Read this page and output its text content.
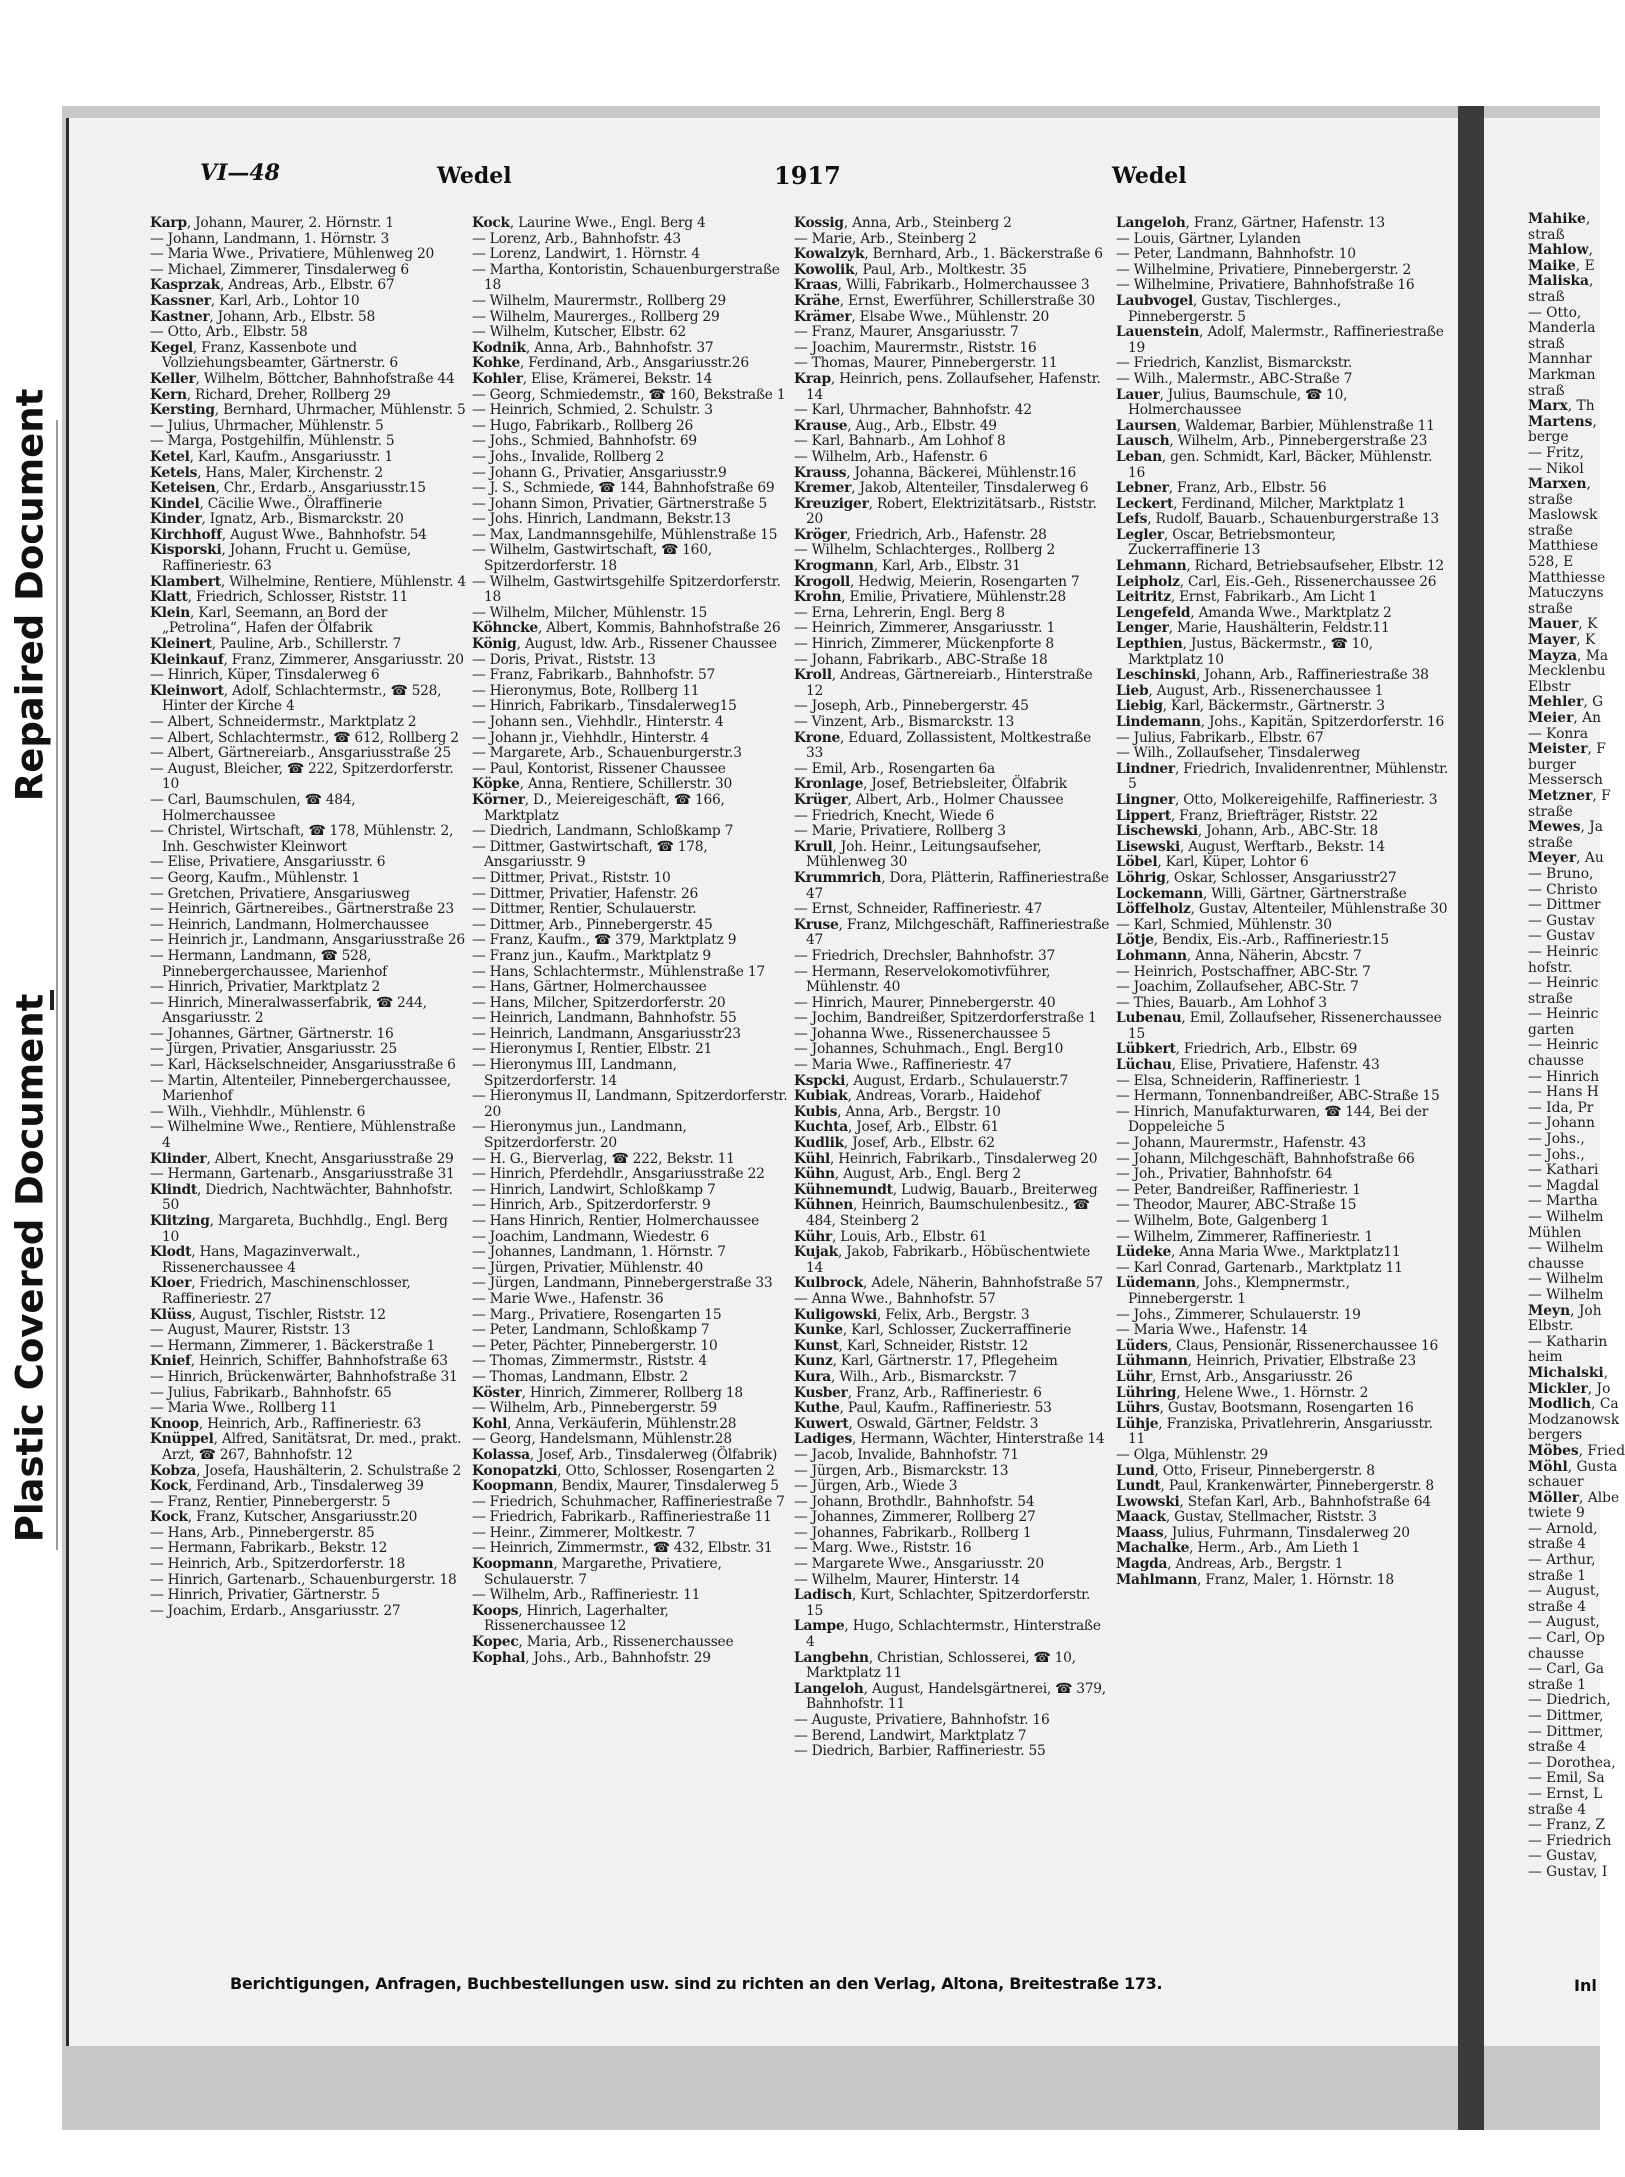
Repaired Document
Plastic Covered Document
VI—48	Wedel	1917	Wedel
Karp, Johann, Maurer, 2. Hörnstr. 1
— Johann, Landmann, 1. Hörnstr. 3
— Maria Wwe., Privatiere, Mühlenweg 20
— Michael, Zimmerer, Tinsdalerweg 6
Kasprzak, Andreas, Arb., Elbstr. 67
Kassner, Karl, Arb., Lohtor 10
Kastner, Johann, Arb., Elbstr. 58
— Otto, Arb., Elbstr. 58
Kegel, Franz, Kassenbote und Vollziehungsbeamter, Gärtnerstr. 6
Keller, Wilhelm, Böttcher, Bahnhofstraße 44
Kern, Richard, Dreher, Rollberg 29
Kersting, Bernhard, Uhrmacher, Mühlenstr. 5
— Julius, Uhrmacher, Mühlenstr. 5
— Marga, Postgehilfin, Mühlenstr. 5
Ketel, Karl, Kaufm., Ansgariusstr. 1
Ketels, Hans, Maler, Kirchenstr. 2
Keteisen, Chr., Erdarb., Ansgariusstr.15
Kindel, Cäcilie Wwe., Ölraffinerie
Kinder, Ignatz, Arb., Bismarckstr. 20
Kirchhoff, August Wwe., Bahnhofstr. 54
Kisporski, Johann, Frucht u. Gemüse, Raffineriestr. 63
Klambert, Wilhelmine, Rentiere, Mühlenstr. 4
Klatt, Friedrich, Schlosser, Riststr. 11
Klein, Karl, Seemann, an Bord der „Petrolina“, Hafen der Ölfabrik
Kleinert, Pauline, Arb., Schillerstr. 7
Kleinkauf, Franz, Zimmerer, Ansgariusstr. 20
— Hinrich, Küper, Tinsdalerweg 6
Kleinwort, Adolf, Schlachtermstr., ☎ 528, Hinter der Kirche 4
— Albert, Schneidermstr., Marktplatz 2
— Albert, Schlachtermstr., ☎ 612, Rollberg 2
— Albert, Gärtnereiarb., Ansgariusstraße 25
— August, Bleicher, ☎ 222, Spitzerdorferstr. 10
— Carl, Baumschulen, ☎ 484, Holmerchaussee
— Christel, Wirtschaft, ☎ 178, Mühlenstr. 2, Inh. Geschwister Kleinwort
— Elise, Privatiere, Ansgariusstr. 6
— Georg, Kaufm., Mühlenstr. 1
— Gretchen, Privatiere, Ansgariusweg
— Heinrich, Gärtnereibes., Gärtnerstraße 23
— Heinrich, Landmann, Holmerchaussee
— Heinrich jr., Landmann, Ansgariusstraße 26
— Hermann, Landmann, ☎ 528, Pinnebergerchaussee, Marienhof
— Hinrich, Privatier, Marktplatz 2
— Hinrich, Mineralwasserfabrik, ☎ 244, Ansgariusstr. 2
— Johannes, Gärtner, Gärtnerstr. 16
— Jürgen, Privatier, Ansgariusstr. 25
— Karl, Häckselschneider, Ansgariusstraße 6
— Martin, Altenteiler, Pinnebergerchaussee, Marienhof
— Wilh., Viehhdlr., Mühlenstr. 6
— Wilhelmine Wwe., Rentiere, Mühlenstraße 4
Klinder, Albert, Knecht, Ansgariusstraße 29
— Hermann, Gartenarb., Ansgariusstraße 31
Klindt, Diedrich, Nachtwächter, Bahnhofstr. 50
Klitzing, Margareta, Buchhdlg., Engl. Berg 10
Klodt, Hans, Magazinverwalt., Rissenerchaussee 4
Kloer, Friedrich, Maschinenschlosser, Raffineriestr. 27
Klüss, August, Tischler, Riststr. 12
— August, Maurer, Riststr. 13
— Hermann, Zimmerer, 1. Bäckerstraße 1
Knief, Heinrich, Schiffer, Bahnhofstraße 63
— Hinrich, Brückenwärter, Bahnhofstraße 31
— Julius, Fabrikarb., Bahnhofstr. 65
— Maria Wwe., Rollberg 11
Knoop, Heinrich, Arb., Raffineriestr. 63
Knüppel, Alfred, Sanitätsrat, Dr. med., prakt. Arzt, ☎ 267, Bahnhofstr. 12
Kobza, Josefa, Haushälterin, 2. Schulstraße 2
Kock, Ferdinand, Arb., Tinsdalerweg 39
— Franz, Rentier, Pinnebergerstr. 5
Kock, Franz, Kutscher, Ansgariusstr.20
— Hans, Arb., Pinnebergerstr. 85
— Hermann, Fabrikarb., Bekstr. 12
— Heinrich, Arb., Spitzerdorferstr. 18
— Hinrich, Gartenarb., Schauenburgerstr. 18
— Hinrich, Privatier, Gärtnerstr. 5
— Joachim, Erdarb., Ansgariusstr. 27
Kock, Laurine Wwe., Engl. Berg 4
— Lorenz, Arb., Bahnhofstr. 43
— Lorenz, Landwirt, 1. Hörnstr. 4
— Martha, Kontoristin, Schauenburgerstraße 18
— Wilhelm, Maurermstr., Rollberg 29
— Wilhelm, Maurerges., Rollberg 29
— Wilhelm, Kutscher, Elbstr. 62
Kodnik, Anna, Arb., Bahnhofstr. 37
Kohke, Ferdinand, Arb., Ansgariusstr.26
Kohler, Elise, Krämerei, Bekstr. 14
— Georg, Schmiedemstr., ☎ 160, Bekstraße 1
— Heinrich, Schmied, 2. Schulstr. 3
— Hugo, Fabrikarb., Rollberg 26
— Johs., Schmied, Bahnhofstr. 69
— Johs., Invalide, Rollberg 2
— Johann G., Privatier, Ansgariusstr.9
— J. S., Schmiede, ☎ 144, Bahnhofstraße 69
— Johann Simon, Privatier, Gärtnerstraße 5
— Johs. Hinrich, Landmann, Bekstr.13
— Max, Landmannsgehilfe, Mühlenstraße 15
— Wilhelm, Gastwirtschaft, ☎ 160, Spitzerdorferstr. 18
— Wilhelm, Gastwirtsgehilfe Spitzerdorferstr. 18
— Wilhelm, Milcher, Mühlenstr. 15
Köhncke, Albert, Kommis, Bahnhofstraße 26
König, August, ldw. Arb., Rissener Chaussee
— Doris, Privat., Riststr. 13
— Franz, Fabrikarb., Bahnhofstr. 57
— Hieronymus, Bote, Rollberg 11
— Hinrich, Fabrikarb., Tinsdalerweg15
— Johann sen., Viehhdlr., Hinterstr. 4
— Johann jr., Viehhdlr., Hinterstr. 4
— Margarete, Arb., Schauenburgerstr.3
— Paul, Kontorist, Rissener Chaussee
Köpke, Anna, Rentiere, Schillerstr. 30
Körner, D., Meiereigeschäft, ☎ 166, Marktplatz
— Diedrich, Landmann, Schloßkamp 7
— Dittmer, Gastwirtschaft, ☎ 178, Ansgariusstr. 9
— Dittmer, Privat., Riststr. 10
— Dittmer, Privatier, Hafenstr. 26
— Dittmer, Rentier, Schulauerstr.
— Dittmer, Arb., Pinnebergerstr. 45
— Franz, Kaufm., ☎ 379, Marktplatz 9
— Franz jun., Kaufm., Marktplatz 9
— Hans, Schlachtermstr., Mühlenstraße 17
— Hans, Gärtner, Holmerchaussee
— Hans, Milcher, Spitzerdorferstr. 20
— Heinrich, Landmann, Bahnhofstr. 55
— Heinrich, Landmann, Ansgariusstr23
— Hieronymus I, Rentier, Elbstr. 21
— Hieronymus III, Landmann, Spitzerdorferstr. 14
— Hieronymus II, Landmann, Spitzerdorferstr. 20
— Hieronymus jun., Landmann, Spitzerdorferstr. 20
— H. G., Bierverlag, ☎ 222, Bekstr. 11
— Hinrich, Pferdehdlr., Ansgariusstraße 22
— Hinrich, Landwirt, Schloßkamp 7
— Hinrich, Arb., Spitzerdorferstr. 9
— Hans Hinrich, Rentier, Holmerchaussee
— Joachim, Landmann, Wiedestr. 6
— Johannes, Landmann, 1. Hörnstr. 7
— Jürgen, Privatier, Mühlenstr. 40
— Jürgen, Landmann, Pinnebergerstraße 33
— Marie Wwe., Hafenstr. 36
— Marg., Privatiere, Rosengarten 15
— Peter, Landmann, Schloßkamp 7
— Peter, Pächter, Pinnebergerstr. 10
— Thomas, Zimmermstr., Riststr. 4
— Thomas, Landmann, Elbstr. 2
Köster, Hinrich, Zimmerer, Rollberg 18
— Wilhelm, Arb., Pinnebergerstr. 59
Kohl, Anna, Verkäuferin, Mühlenstr.28
— Georg, Handelsmann, Mühlenstr.28
Kolassa, Josef, Arb., Tinsdalerweg (Ölfabrik)
Konopatzki, Otto, Schlosser, Rosengarten 2
Koopmann, Bendix, Maurer, Tinsdalerweg 5
— Friedrich, Schuhmacher, Raffineriestraße 7
— Friedrich, Fabrikarb., Raffineriestraße 11
— Heinr., Zimmerer, Moltkestr. 7
— Heinrich, Zimmermstr., ☎ 432, Elbstr. 31
Koopmann, Margarethe, Privatiere, Schulauerstr. 7
— Wilhelm, Arb., Raffineriestr. 11
Koops, Hinrich, Lagerhalter, Rissenerchaussee 12
Kopec, Maria, Arb., Rissenerchaussee
Kophal, Johs., Arb., Bahnhofstr. 29
Kossig, Anna, Arb., Steinberg 2
— Marie, Arb., Steinberg 2
Kowalzyk, Bernhard, Arb., 1. Bäckerstraße 6
Kowolik, Paul, Arb., Moltkestr. 35
Kraas, Willi, Fabrikarb., Holmerchaussee 3
Krähe, Ernst, Ewerführer, Schillerstraße 30
Krämer, Elsabe Wwe., Mühlenstr. 20
— Franz, Maurer, Ansgariusstr. 7
— Joachim, Maurermstr., Riststr. 16
— Thomas, Maurer, Pinnebergerstr. 11
Krap, Heinrich, pens. Zollaufseher, Hafenstr. 14
— Karl, Uhrmacher, Bahnhofstr. 42
Krause, Aug., Arb., Elbstr. 49
— Karl, Bahnarb., Am Lohhof 8
— Wilhelm, Arb., Hafenstr. 6
Krauss, Johanna, Bäckerei, Mühlenstr.16
Kremer, Jakob, Altenteiler, Tinsdalerweg 6
Kreuziger, Robert, Elektrizitätsarb., Riststr. 20
Kröger, Friedrich, Arb., Hafenstr. 28
— Wilhelm, Schlachterges., Rollberg 2
Krogmann, Karl, Arb., Elbstr. 31
Krogoll, Hedwig, Meierin, Rosengarten 7
Krohn, Emilie, Privatiere, Mühlenstr.28
— Erna, Lehrerin, Engl. Berg 8
— Heinrich, Zimmerer, Ansgariusstr. 1
— Hinrich, Zimmerer, Mückenpforte 8
— Johann, Fabrikarb., ABC-Straße 18
Kroll, Andreas, Gärtnereiarb., Hinterstraße 12
— Joseph, Arb., Pinnebergerstr. 45
— Vinzent, Arb., Bismarckstr. 13
Krone, Eduard, Zollassistent, Moltkestraße 33
— Emil, Arb., Rosengarten 6a
Kronlage, Josef, Betriebsleiter, Ölfabrik
Krüger, Albert, Arb., Holmer Chaussee
— Friedrich, Knecht, Wiede 6
— Marie, Privatiere, Rollberg 3
Krull, Joh. Heinr., Leitungsaufseher, Mühlenweg 30
Krummrich, Dora, Plätterin, Raffineriestraße 47
— Ernst, Schneider, Raffineriestr. 47
Kruse, Franz, Milchgeschäft, Raffineriestraße 47
— Friedrich, Drechsler, Bahnhofstr. 37
— Hermann, Reservelokomotivführer, Mühlenstr. 40
— Hinrich, Maurer, Pinnebergerstr. 40
— Jochim, Bandreißer, Spitzerdorferstraße 1
— Johanna Wwe., Rissenerchaussee 5
— Johannes, Schuhmach., Engl. Berg10
— Maria Wwe., Raffineriestr. 47
Kspcki, August, Erdarb., Schulauerstr.7
Kubiak, Andreas, Vorarb., Haidehof
Kubis, Anna, Arb., Bergstr. 10
Kuchta, Josef, Arb., Elbstr. 61
Kudlik, Josef, Arb., Elbstr. 62
Kühl, Heinrich, Fabrikarb., Tinsdalerweg 20
Kühn, August, Arb., Engl. Berg 2
Kühnemundt, Ludwig, Bauarb., Breiterweg
Kühnen, Heinrich, Baumschulenbesitz., ☎ 484, Steinberg 2
Kühr, Louis, Arb., Elbstr. 61
Kujak, Jakob, Fabrikarb., Höbüschentwiete 14
Kulbrock, Adele, Näherin, Bahnhofstraße 57
— Anna Wwe., Bahnhofstr. 57
Kuligowski, Felix, Arb., Bergstr. 3
Kunke, Karl, Schlosser, Zuckerraffinerie
Kunst, Karl, Schneider, Riststr. 12
Kunz, Karl, Gärtnerstr. 17, Pflegeheim
Kura, Wilh., Arb., Bismarckstr. 7
Kusber, Franz, Arb., Raffineriestr. 6
Kuthe, Paul, Kaufm., Raffineriestr. 53
Kuwert, Oswald, Gärtner, Feldstr. 3
Ladiges, Hermann, Wächter, Hinterstraße 14
— Jacob, Invalide, Bahnhofstr. 71
— Jürgen, Arb., Bismarckstr. 13
— Jürgen, Arb., Wiede 3
— Johann, Brothdlr., Bahnhofstr. 54
— Johannes, Zimmerer, Rollberg 27
— Johannes, Fabrikarb., Rollberg 1
— Marg. Wwe., Riststr. 16
— Margarete Wwe., Ansgariusstr. 20
— Wilhelm, Maurer, Hinterstr. 14
Ladisch, Kurt, Schlachter, Spitzerdorferstr. 15
Lampe, Hugo, Schlachtermstr., Hinterstraße 4
Langbehn, Christian, Schlosserei, ☎ 10, Marktplatz 11
Langeloh, August, Handelsgärtnerei, ☎ 379, Bahnhofstr. 11
— Auguste, Privatiere, Bahnhofstr. 16
— Berend, Landwirt, Marktplatz 7
— Diedrich, Barbier, Raffineriestr. 55
Langeloh, Franz, Gärtner, Hafenstr. 13
— Louis, Gärtner, Lylanden
— Peter, Landmann, Bahnhofstr. 10
— Wilhelmine, Privatiere, Pinnebergerstr. 2
— Wilhelmine, Privatiere, Bahnhofstraße 16
Laubvogel, Gustav, Tischlerges., Pinnebergerstr. 5
Lauenstein, Adolf, Malermstr., Raffineriestraße 19
— Friedrich, Kanzlist, Bismarckstr.
— Wilh., Malermstr., ABC-Straße 7
Lauer, Julius, Baumschule, ☎ 10, Holmerchaussee
Laursen, Waldemar, Barbier, Mühlenstraße 11
Lausch, Wilhelm, Arb., Pinnebergerstraße 23
Leban, gen. Schmidt, Karl, Bäcker, Mühlenstr. 16
Lebner, Franz, Arb., Elbstr. 56
Leckert, Ferdinand, Milcher, Marktplatz 1
Lefs, Rudolf, Bauarb., Schauenburgerstraße 13
Legler, Oscar, Betriebsmonteur, Zuckerraffinerie 13
Lehmann, Richard, Betriebsaufseher, Elbstr. 12
Leipholz, Carl, Eis.-Geh., Rissenerchaussee 26
Leitritz, Ernst, Fabrikarb., Am Licht 1
Lengefeld, Amanda Wwe., Marktplatz 2
Lenger, Marie, Haushälterin, Feldstr.11
Lepthien, Justus, Bäckermstr., ☎ 10, Marktplatz 10
Leschinski, Johann, Arb., Raffineriestraße 38
Lieb, August, Arb., Rissenerchaussee 1
Liebig, Karl, Bäckermstr., Gärtnerstr. 3
Lindemann, Johs., Kapitän, Spitzerdorferstr. 16
— Julius, Fabrikarb., Elbstr. 67
— Wilh., Zollaufseher, Tinsdalerweg
Lindner, Friedrich, Invalidenrentner, Mühlenstr. 5
Lingner, Otto, Molkereigehilfe, Raffineriestr. 3
Lippert, Franz, Briefträger, Riststr. 22
Lischewski, Johann, Arb., ABC-Str. 18
Lisewski, August, Werftarb., Bekstr. 14
Löbel, Karl, Küper, Lohtor 6
Löhrig, Oskar, Schlosser, Ansgariusstr27
Lockemann, Willi, Gärtner, Gärtnerstraße
Löffelholz, Gustav, Altenteiler, Mühlenstraße 30
— Karl, Schmied, Mühlenstr. 30
Lötje, Bendix, Eis.-Arb., Raffineriestr.15
Lohmann, Anna, Näherin, Abcstr. 7
— Heinrich, Postschaffner, ABC-Str. 7
— Joachim, Zollaufseher, ABC-Str. 7
— Thies, Bauarb., Am Lohhof 3
Lubenau, Emil, Zollaufseher, Rissenerchaussee 15
Lübkert, Friedrich, Arb., Elbstr. 69
Lüchau, Elise, Privatiere, Hafenstr. 43
— Elsa, Schneiderin, Raffineriestr. 1
— Hermann, Tonnenbandreißer, ABC-Straße 15
— Hinrich, Manufakturwaren, ☎ 144, Bei der Doppeleiche 5
— Johann, Maurermstr., Hafenstr. 43
— Johann, Milchgeschäft, Bahnhofstraße 66
— Joh., Privatier, Bahnhofstr. 64
— Peter, Bandreißer, Raffineriestr. 1
— Theodor, Maurer, ABC-Straße 15
— Wilhelm, Bote, Galgenberg 1
— Wilhelm, Zimmerer, Raffineriestr. 1
Lüdeke, Anna Maria Wwe., Marktplatz11
— Karl Conrad, Gartenarb., Marktplatz 11
Lüdemann, Johs., Klempnermstr., Pinnebergerstr. 1
— Johs., Zimmerer, Schulauerstr. 19
— Maria Wwe., Hafenstr. 14
Lüders, Claus, Pensionär, Rissenerchaussee 16
Lühmann, Heinrich, Privatier, Elbstraße 23
Lühr, Ernst, Arb., Ansgariusstr. 26
Lühring, Helene Wwe., 1. Hörnstr. 2
Lührs, Gustav, Bootsmann, Rosengarten 16
Lühje, Franziska, Privatlehrerin, Ansgariusstr. 11
— Olga, Mühlenstr. 29
Lund, Otto, Friseur, Pinnebergerstr. 8
Lundt, Paul, Krankenwärter, Pinnebergerstr. 8
Lwowski, Stefan Karl, Arb., Bahnhofstraße 64
Maack, Gustav, Stellmacher, Riststr. 3
Maass, Julius, Fuhrmann, Tinsdalerweg 20
Machalke, Herm., Arb., Am Lieth 1
Magda, Andreas, Arb., Bergstr. 1
Mahlmann, Franz, Maler, 1. Hörnstr. 18
Mahike,
straß
Mahlow,
Maike, E
Maliska,
straß
— Otto,
Manderla
straß
Mannhar
Markman
straß
Marx, Th
Martens,
berge
— Fritz,
— Nikol
Marxen,
straße
Maslowsk
straße
Matthiese
528, E
Matthiesse
Matuczyns
straße
Mauer, K
Mayer, K
Mayza, Ma
Mecklenbu
Elbstr
Mehler, G
Meier, An
— Konra
Meister, F
burger
Messersch
Metzner, F
straße
Mewes, Ja
straße
Meyer, Au
— Bruno,
— Christo
— Dittmer
— Gustav
— Gustav
— Heinric
hofstr.
— Heinric
straße
— Heinric
garten
— Heinric
chausse
— Hinrich
— Hans H
— Ida, Pr
— Johann
— Johs.,
— Johs.,
— Kathari
— Magdal
— Martha
— Wilhelm
Mühlen
— Wilhelm
chausse
— Wilhelm
— Wilhelm
Meyn, Joh
Elbstr.
— Katharin
heim
Michalski,
Mickler, Jo
Modlich, Ca
Modzanowsk
bergers
Möbes, Fried
Möhl, Gusta
schauer
Möller, Albe
twiete 9
— Arnold,
straße 4
— Arthur,
straße 1
— August,
straße 4
— August,
— Carl, Op
chausse
— Carl, Ga
straße 1
— Diedrich,
— Dittmer,
— Dittmer,
straße 4
— Dorothea,
— Emil, Sa
— Ernst, L
straße 4
— Franz, Z
— Friedrich
— Gustav,
— Gustav, I
Berichtigungen, Anfragen, Buchbestellungen usw. sind zu richten an den Verlag, Altona, Breitestraße 173.	Inl
